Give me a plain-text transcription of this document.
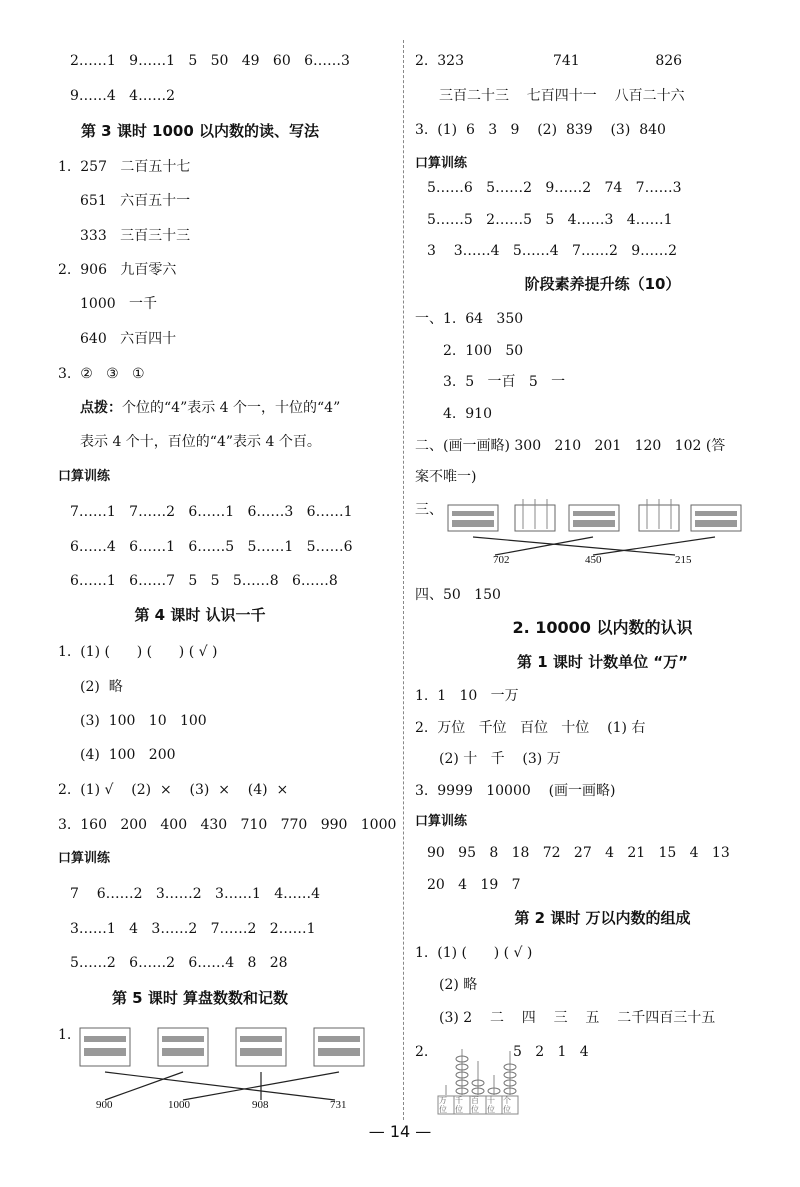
2……1   9……1   5   50   49   60   6……3
9……4   4……2
第 3 课时 1000 以内数的读、写法
1.  257   二百五十七
651   六百五十一
333   三百三十三
2.  906   九百零六
1000   一千
640   六百四十
3.  ②   ③   ①
点拨：个位的“4”表示 4 个一，十位的“4”
表示 4 个十，百位的“4”表示 4 个百。
口算训练
7……1   7……2   6……1   6……3   6……1
6……4   6……1   6……5   5……1   5……6
6……1   6……7   5   5   5……8   6……8
第 4 课时 认识一千
1.  (1) (      ) (      ) ( √ )
(2)  略
(3)  100   10   100
(4)  100   200
2.  (1) √    (2)  ×    (3)  ×    (4)  ×
3.  160   200   400   430   710   770   990   1000
口算训练
7    6……2   3……2   3……1   4……4
3……1   4   3……2   7……2   2……1
5……2   6……2   6……4   8   28
第 5 课时 算盘数数和记数
1.
900	1000	908	731
2.  323                    741                 826
三百二十三    七百四十一    八百二十六
3.  (1)  6   3   9    (2)  839    (3)  840
口算训练
5……6   5……2   9……2   74   7……3
5……5   2……5   5   4……3   4……1
3    3……4   5……4   7……2   9……2
阶段素养提升练（10）
一、1.  64   350
2.  100   50
3.  5   一百   5   一
4.  910
二、(画一画略) 300   210   201   120   102 (答
案不唯一)
三、
702	450	215
四、50   150
2. 10000 以内数的认识
第 1 课时 计数单位 “万”
1.  1   10   一万
2.  万位   千位   百位   十位    (1) 右
(2) 十   千    (3) 万
3.  9999   10000    (画一画略)
口算训练
90   95   8   18   72   27   4   21   15   4   13
20   4   19   7
第 2 课时 万以内数的组成
1.  (1) (      ) ( √ )
(2) 略
(3) 2    二    四    三    五    二千四百三十五
2.	5   2   1   4
万位
千位
百位
十位
个位
— 14 —
